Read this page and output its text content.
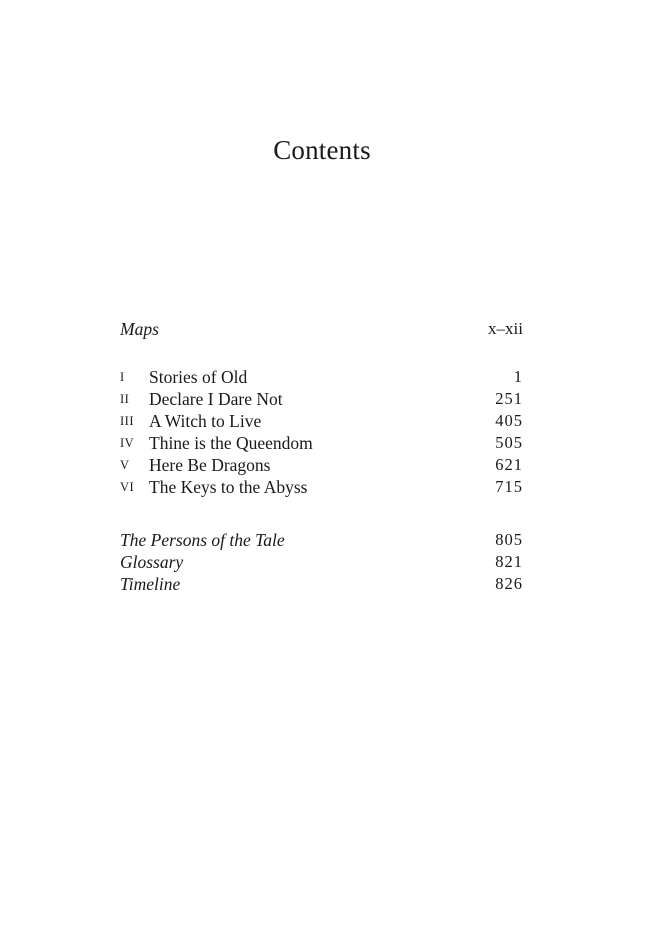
Contents
Maps	x–xii
I Stories of Old	1
II Declare I Dare Not	251
III A Witch to Live	405
IV Thine is the Queendom	505
V Here Be Dragons	621
VI The Keys to the Abyss	715
The Persons of the Tale	805
Glossary	821
Timeline	826
